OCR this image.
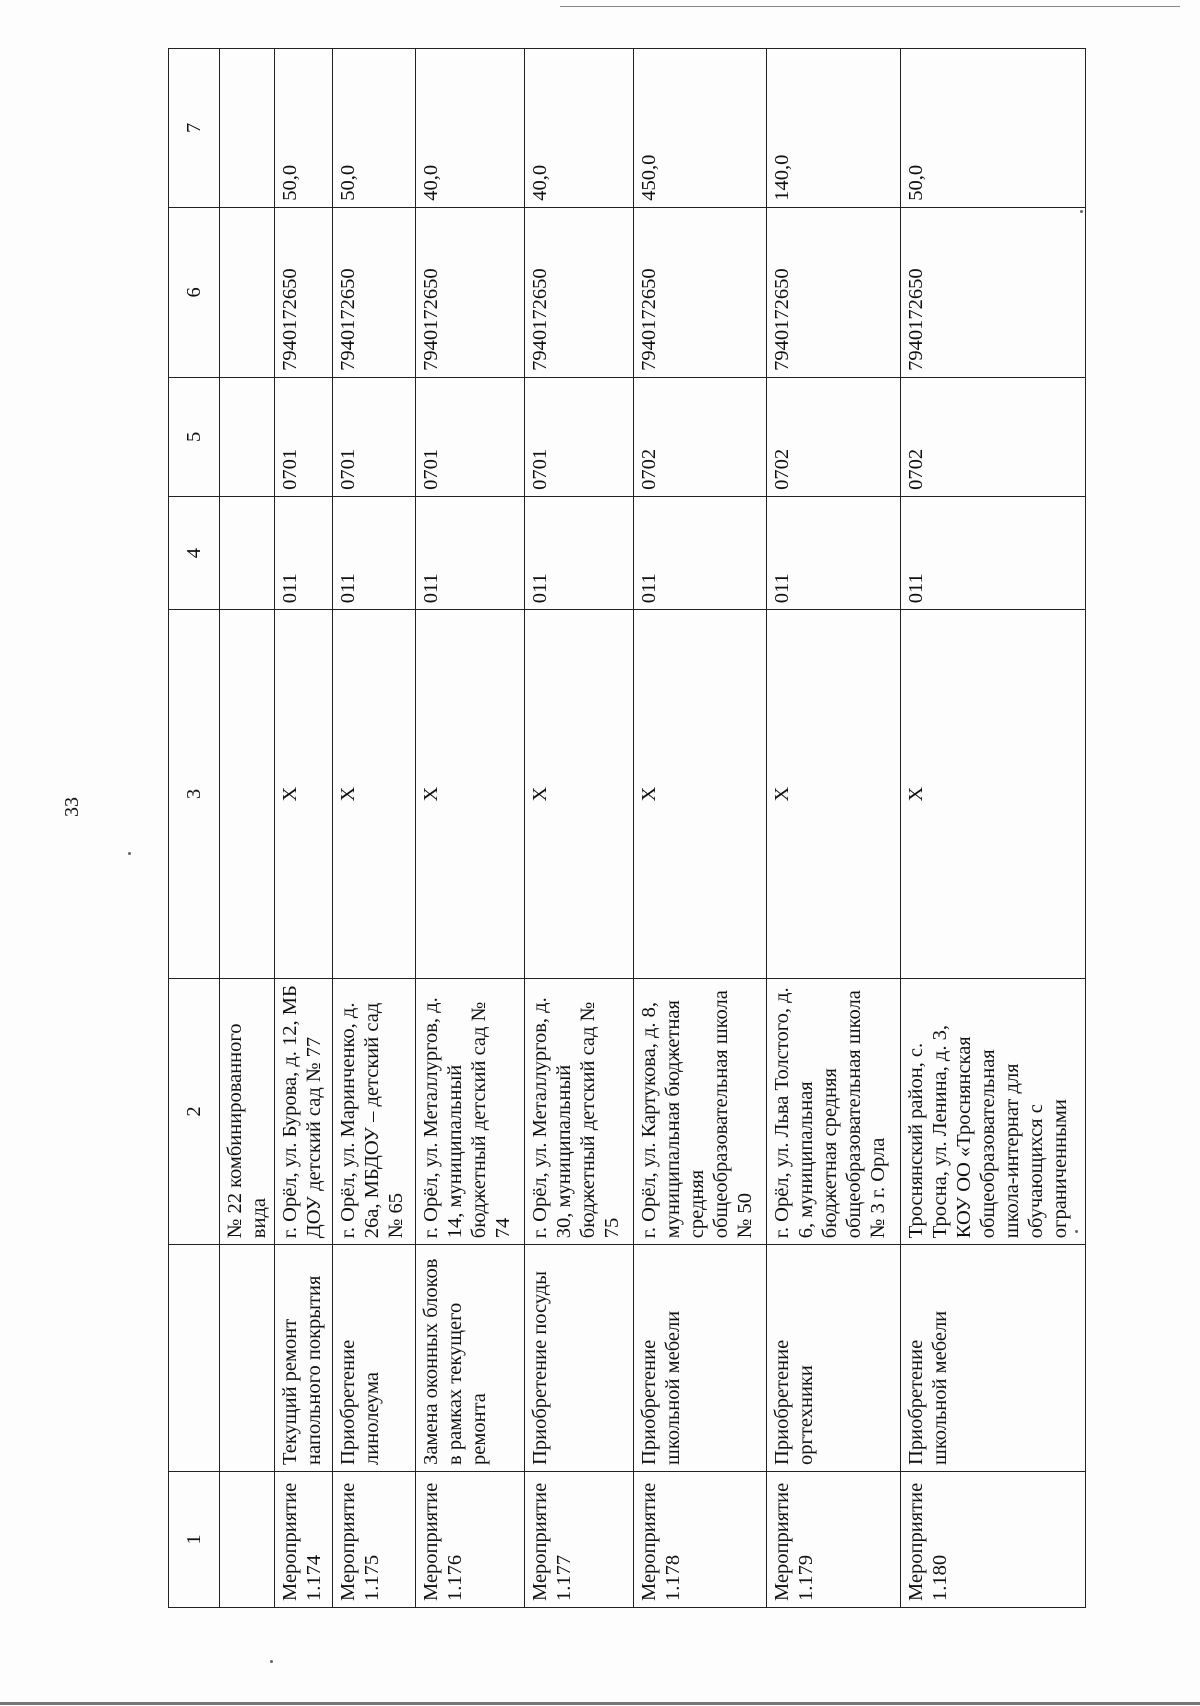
33
1		2	3	4	5	6	7
		№ 22 комбинированного вида					
Мероприятие 1.174	Текущий ремонт напольного покрытия	г. Орёл, ул. Бурова, д. 12, МБ ДОУ детский сад № 77	Х	011	0701	7940172650	50,0
Мероприятие 1.175	Приобретение линолеума	г. Орёл, ул. Маринченко, д. 26а, МБДОУ – детский сад № 65	Х	011	0701	7940172650	50,0
Мероприятие 1.176	Замена оконных блоков в рамках текущего ремонта	г. Орёл, ул. Металлургов, д. 14, муниципальный бюджетный детский сад № 74	Х	011	0701	7940172650	40,0
Мероприятие 1.177	Приобретение посуды	г. Орёл, ул. Металлургов, д. 30, муниципальный бюджетный детский сад № 75	Х	011	0701	7940172650	40,0
Мероприятие 1.178	Приобретение школьной мебели	г. Орёл, ул. Картукова, д. 8, муниципальная бюджетная средняя общеобразовательная школа № 50	Х	011	0702	7940172650	450,0
Мероприятие 1.179	Приобретение оргтехники	г. Орёл, ул. Льва Толстого, д. 6, муниципальная бюджетная средняя общеобразовательная школа № 3 г. Орла	Х	011	0702	7940172650	140,0
Мероприятие 1.180	Приобретение школьной мебели	Троснянский район, с. Тросна, ул. Ленина, д. 3, КОУ ОО «Троснянская общеобразовательная школа-интернат для обучающихся с ограниченными	Х	011	0702	7940172650	50,0
